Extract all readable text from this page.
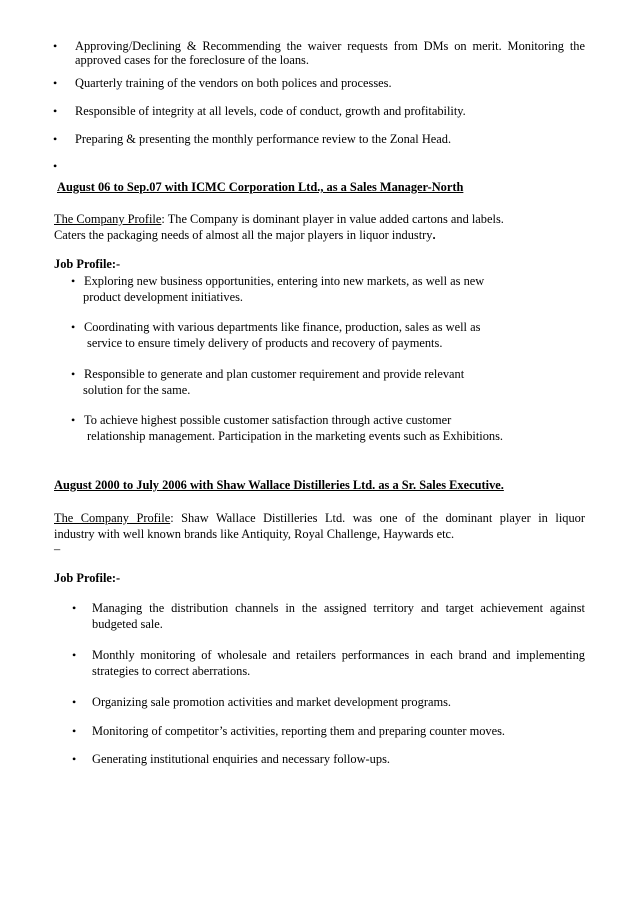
• Approving/Declining & Recommending the waiver requests from DMs on merit. Monitoring the
approved cases for the foreclosure of the loans.
• Quarterly training of the vendors on both polices and processes.
• Responsible of integrity at all levels, code of conduct, growth and profitability.
• Preparing & presenting the monthly performance review to the Zonal Head.
•
August 06 to Sep.07 with ICMC Corporation Ltd., as a Sales Manager-North
The Company Profile: The Company is dominant player in value added cartons and labels.
Caters the packaging needs of almost all the major players in liquor industry.
Job Profile:-
• Exploring new business opportunities, entering into new markets, as well as new
product development initiatives.
• Coordinating with various departments like finance, production, sales as well as
service to ensure timely delivery of products and recovery of payments.
• Responsible to generate and plan customer requirement and provide relevant
solution for the same.
• To achieve highest possible customer satisfaction through active customer
relationship management. Participation in the marketing events such as Exhibitions.
August 2000 to July 2006 with Shaw Wallace Distilleries Ltd. as a Sr. Sales Executive.
The Company Profile: Shaw Wallace Distilleries Ltd. was one of the dominant player in liquor
industry with well known brands like Antiquity, Royal Challenge, Haywards etc.
–
Job Profile:-
• Managing the distribution channels in the assigned territory and target achievement against
budgeted sale.
• Monthly monitoring of wholesale and retailers performances in each brand and implementing
strategies to correct aberrations.
• Organizing sale promotion activities and market development programs.
• Monitoring of competitor’s activities, reporting them and preparing counter moves.
• Generating institutional enquiries and necessary follow-ups.
